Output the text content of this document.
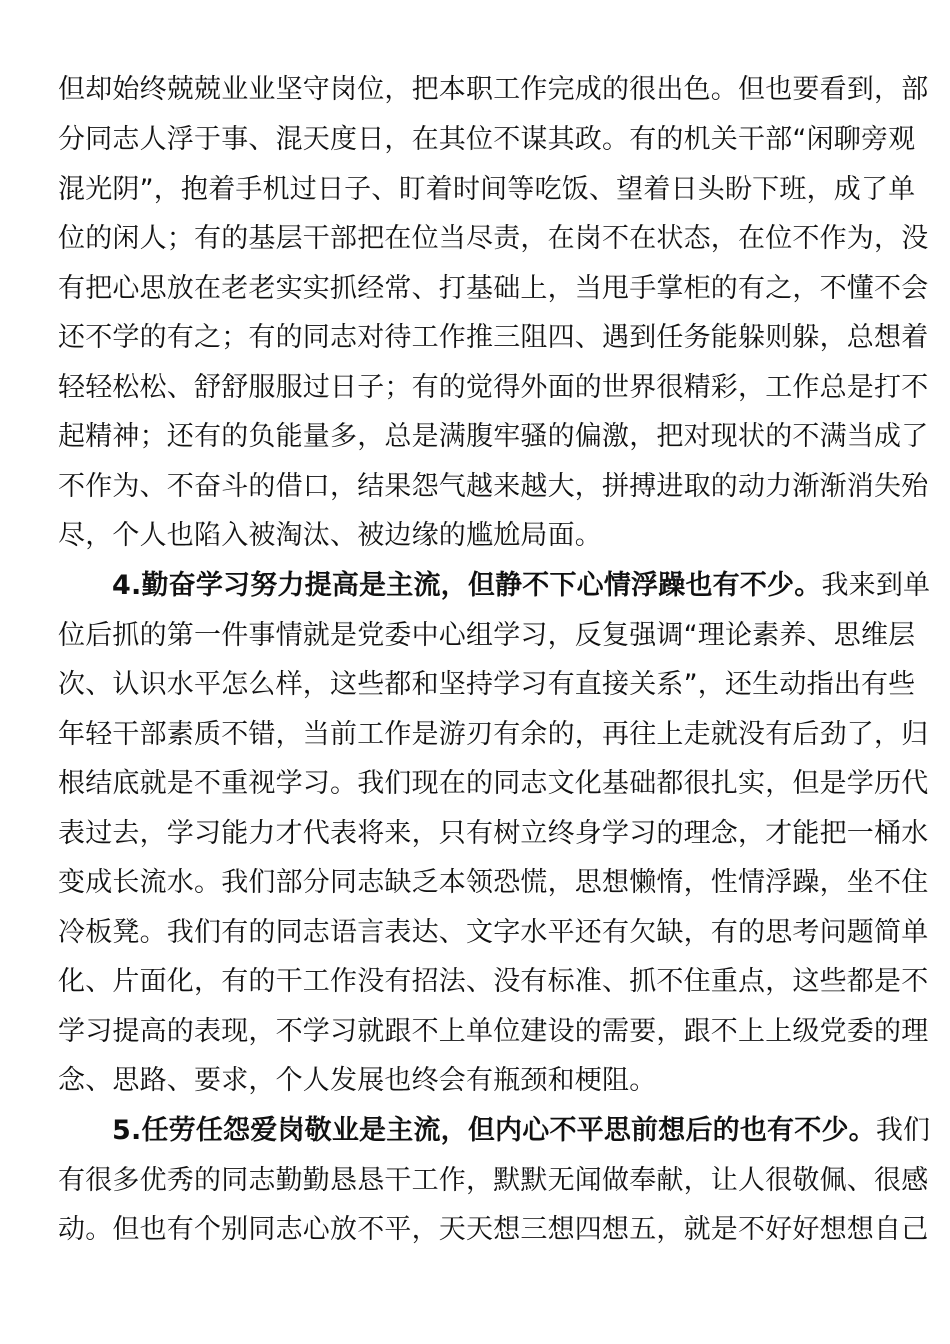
但却始终兢兢业业坚守岗位，把本职工作完成的很出色。但也要看到，部
分同志人浮于事、混天度日，在其位不谋其政。有的机关干部“闲聊旁观
混光阴”，抱着手机过日子、盯着时间等吃饭、望着日头盼下班，成了单
位的闲人；有的基层干部把在位当尽责，在岗不在状态，在位不作为，没
有把心思放在老老实实抓经常、打基础上，当甩手掌柜的有之，不懂不会
还不学的有之；有的同志对待工作推三阻四、遇到任务能躲则躲，总想着
轻轻松松、舒舒服服过日子；有的觉得外面的世界很精彩，工作总是打不
起精神；还有的负能量多，总是满腹牢骚的偏激，把对现状的不满当成了
不作为、不奋斗的借口，结果怨气越来越大，拼搏进取的动力渐渐消失殆
尽，个人也陷入被淘汰、被边缘的尴尬局面。
4.勤奋学习努力提高是主流，但静不下心情浮躁也有不少。我来到单
位后抓的第一件事情就是党委中心组学习，反复强调“理论素养、思维层
次、认识水平怎么样，这些都和坚持学习有直接关系”，还生动指出有些
年轻干部素质不错，当前工作是游刃有余的，再往上走就没有后劲了，归
根结底就是不重视学习。我们现在的同志文化基础都很扎实，但是学历代
表过去，学习能力才代表将来，只有树立终身学习的理念，才能把一桶水
变成长流水。我们部分同志缺乏本领恐慌，思想懒惰，性情浮躁，坐不住
冷板凳。我们有的同志语言表达、文字水平还有欠缺，有的思考问题简单
化、片面化，有的干工作没有招法、没有标准、抓不住重点，这些都是不
学习提高的表现，不学习就跟不上单位建设的需要，跟不上上级党委的理
念、思路、要求，个人发展也终会有瓶颈和梗阻。
5.任劳任怨爱岗敬业是主流，但内心不平思前想后的也有不少。我们
有很多优秀的同志勤勤恳恳干工作，默默无闻做奉献，让人很敬佩、很感
动。但也有个别同志心放不平，天天想三想四想五，就是不好好想想自己
